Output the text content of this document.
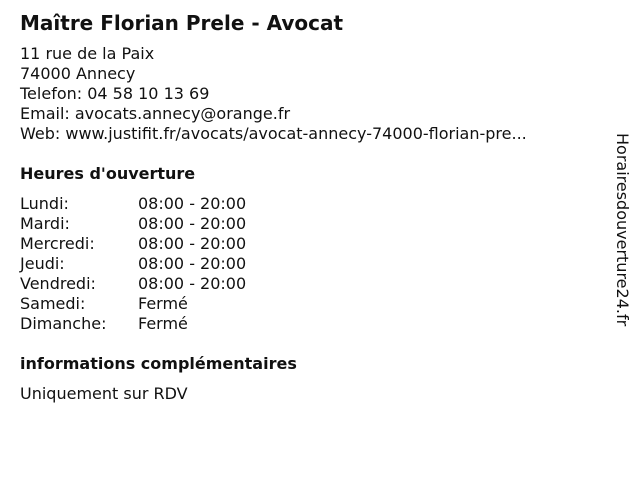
Maître Florian Prele - Avocat
11 rue de la Paix
74000 Annecy
Telefon: 04 58 10 13 69
Email: avocats.annecy@orange.fr
Web: www.justifit.fr/avocats/avocat-annecy-74000-florian-pre...
Heures d'ouverture
Lundi:	08:00 - 20:00
Mardi:	08:00 - 20:00
Mercredi:	08:00 - 20:00
Jeudi:	08:00 - 20:00
Vendredi:	08:00 - 20:00
Samedi:	Fermé
Dimanche:	Fermé
informations complémentaires
Uniquement sur RDV
Horairesdouverture24.fr
